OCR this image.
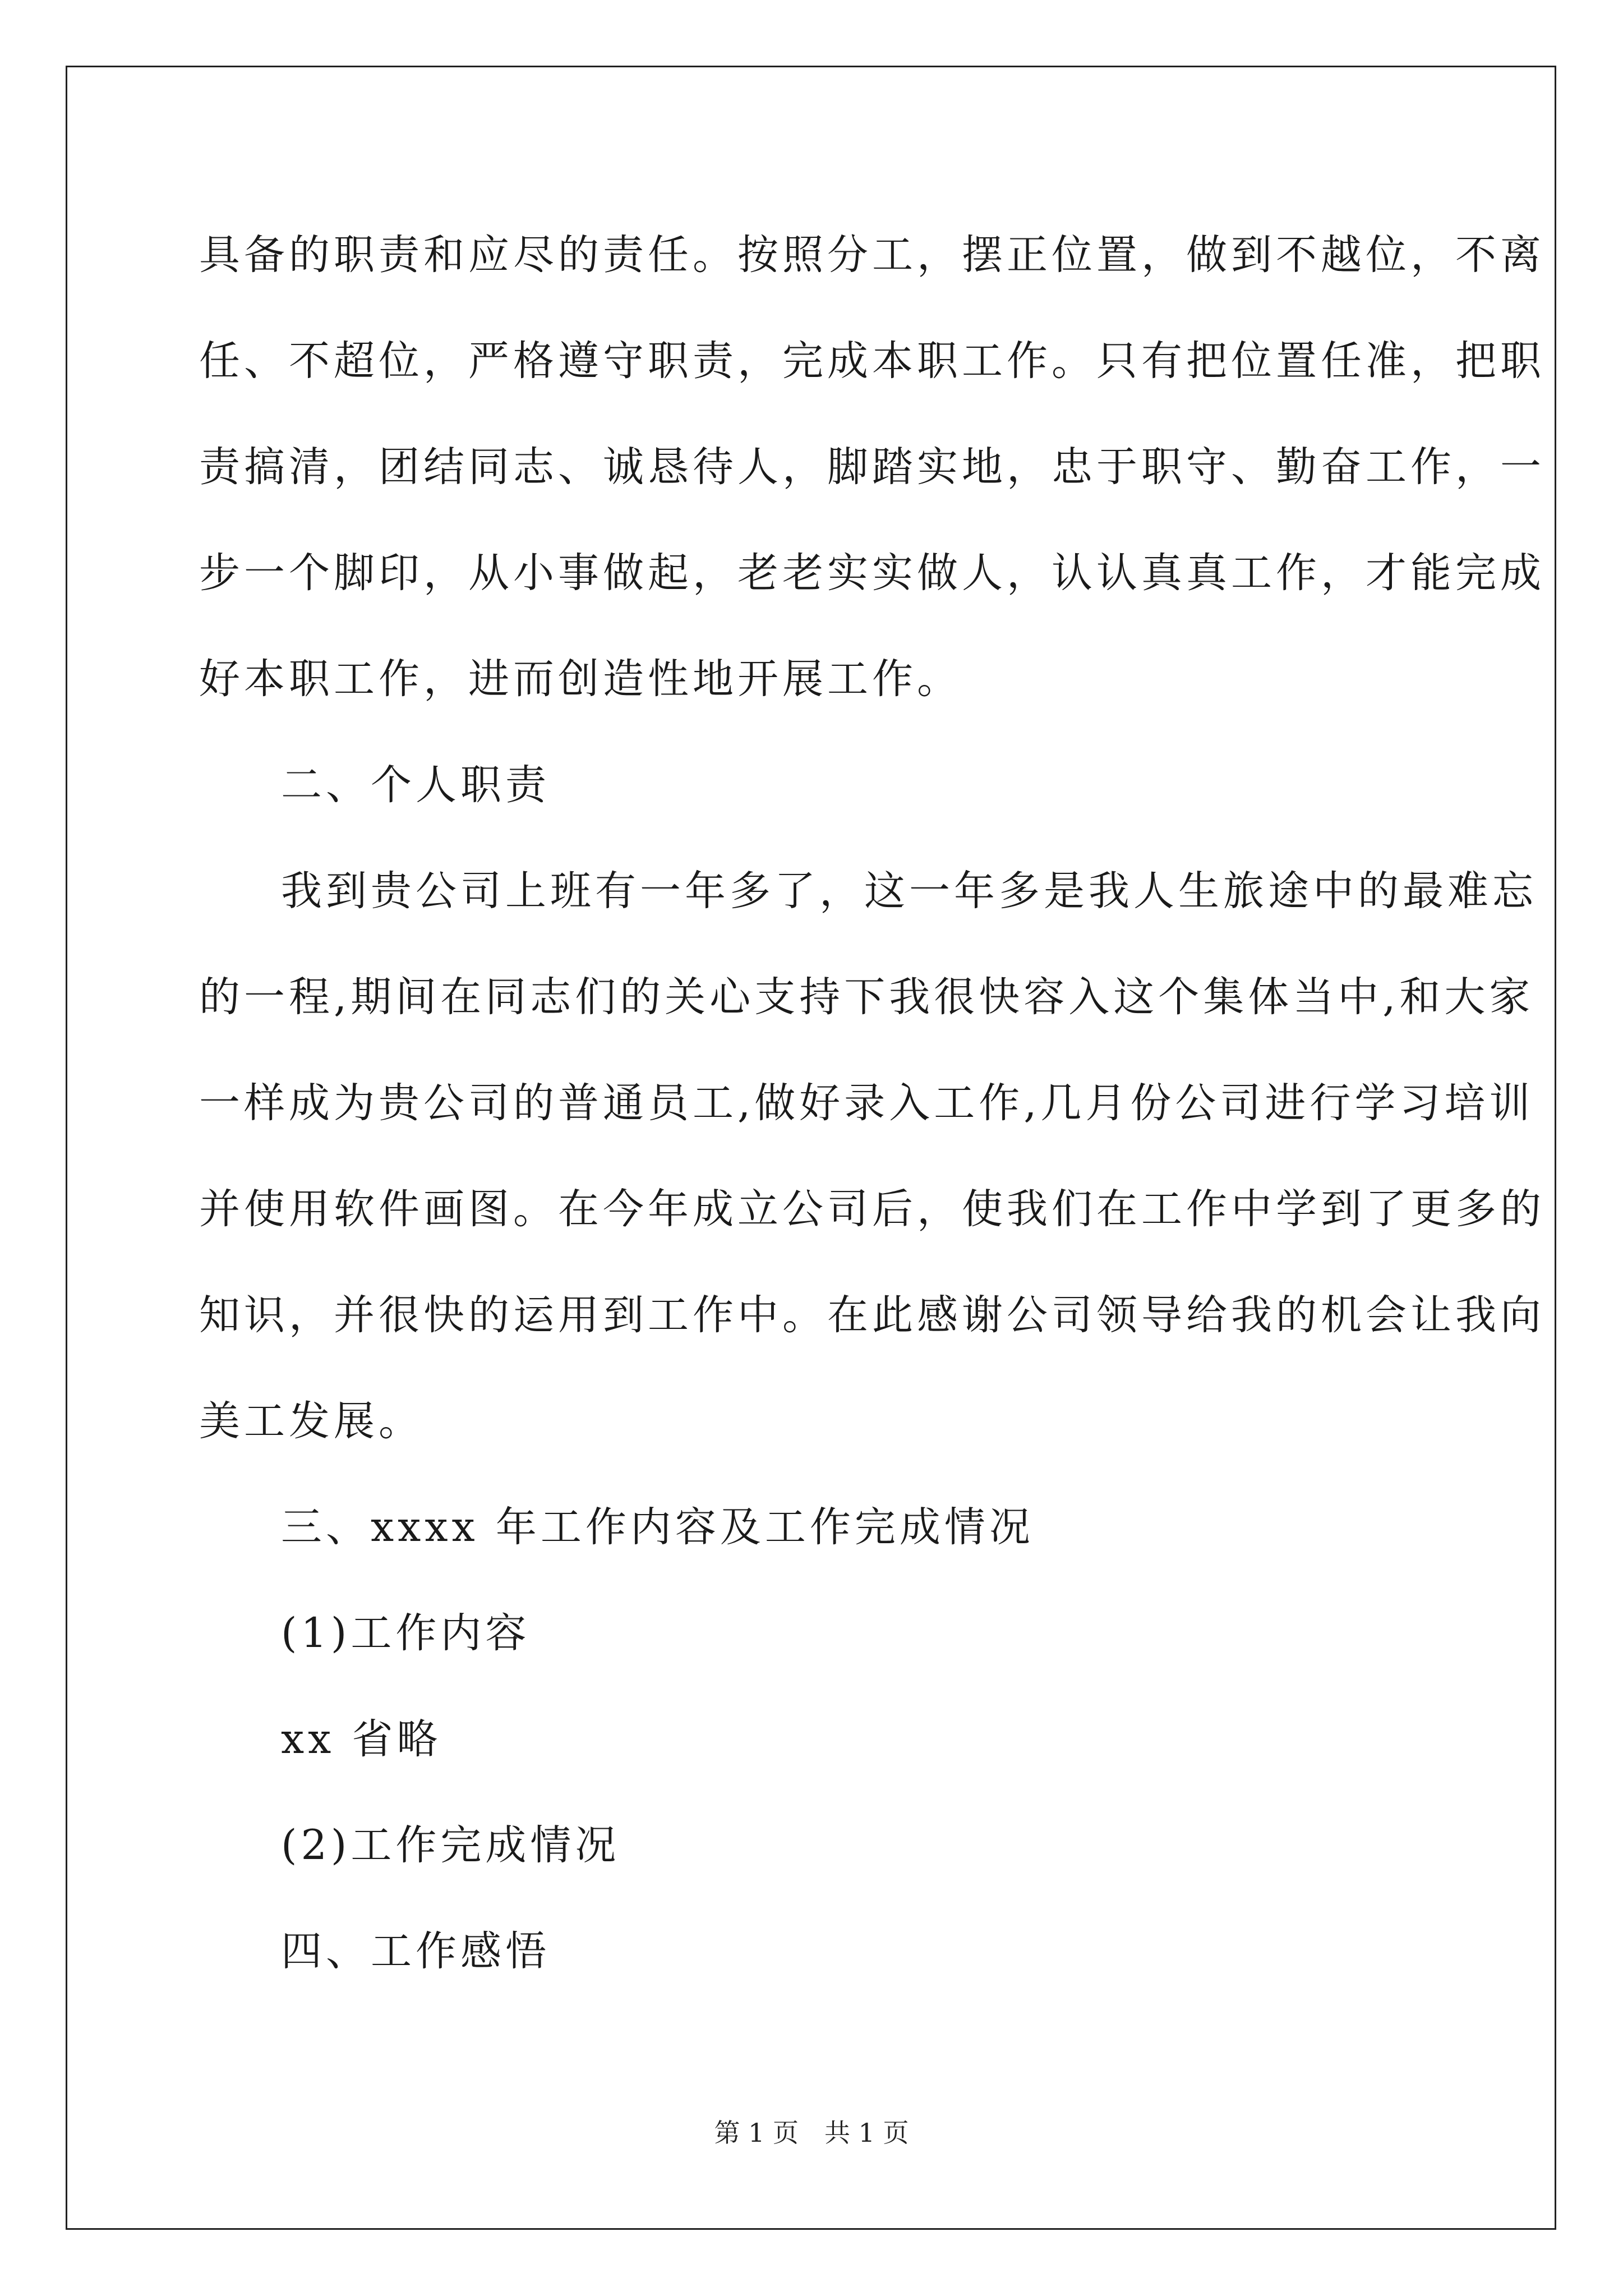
具备的职责和应尽的责任。按照分工，摆正位置，做到不越位，不离
任、不超位，严格遵守职责，完成本职工作。只有把位置任准，把职
责搞清，团结同志、诚恳待人，脚踏实地，忠于职守、勤奋工作，一
步一个脚印，从小事做起，老老实实做人，认认真真工作，才能完成
好本职工作，进而创造性地开展工作。
二、个人职责
我到贵公司上班有一年多了，这一年多是我人生旅途中的最难忘
的一程,期间在同志们的关心支持下我很快容入这个集体当中,和大家
一样成为贵公司的普通员工,做好录入工作,几月份公司进行学习培训
并使用软件画图。在今年成立公司后，使我们在工作中学到了更多的
知识，并很快的运用到工作中。在此感谢公司领导给我的机会让我向
美工发展。
三、xxxx 年工作内容及工作完成情况
(1)工作内容
xx 省略
(2)工作完成情况
四、工作感悟
第 1 页　共 1 页
